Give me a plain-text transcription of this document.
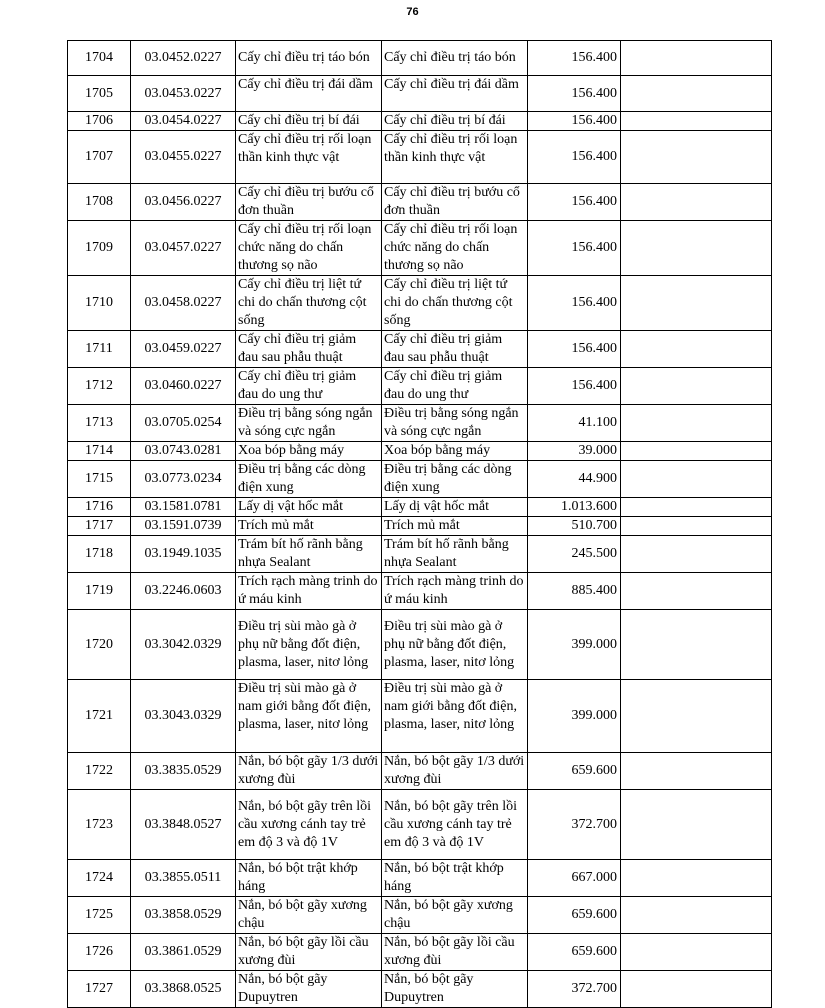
76
1704	03.0452.0227	Cấy chỉ điều trị táo bón	Cấy chỉ điều trị táo bón	156.400	
1705	03.0453.0227	Cấy chỉ điều trị đái dầm	Cấy chỉ điều trị đái dầm	156.400	
1706	03.0454.0227	Cấy chỉ điều trị bí đái	Cấy chỉ điều trị bí đái	156.400	
1707	03.0455.0227	Cấy chỉ điều trị rối loạn thần kinh thực vật	Cấy chỉ điều trị rối loạn thần kinh thực vật	156.400	
1708	03.0456.0227	Cấy chỉ điều trị bướu cổ đơn thuần	Cấy chỉ điều trị bướu cổ đơn thuần	156.400	
1709	03.0457.0227	Cấy chỉ điều trị rối loạn chức năng do chấn thương sọ não	Cấy chỉ điều trị rối loạn chức năng do chấn thương sọ não	156.400	
1710	03.0458.0227	Cấy chỉ điều trị liệt tứ chi do chấn thương cột sống	Cấy chỉ điều trị liệt tứ chi do chấn thương cột sống	156.400	
1711	03.0459.0227	Cấy chỉ điều trị giảm đau sau phẫu thuật	Cấy chỉ điều trị giảm đau sau phẫu thuật	156.400	
1712	03.0460.0227	Cấy chỉ điều trị giảm đau do ung thư	Cấy chỉ điều trị giảm đau do ung thư	156.400	
1713	03.0705.0254	Điều trị bằng sóng ngắn và sóng cực ngắn	Điều trị bằng sóng ngắn và sóng cực ngắn	41.100	
1714	03.0743.0281	Xoa bóp bằng máy	Xoa bóp bằng máy	39.000	
1715	03.0773.0234	Điều trị bằng các dòng điện xung	Điều trị bằng các dòng điện xung	44.900	
1716	03.1581.0781	Lấy dị vật hốc mắt	Lấy dị vật hốc mắt	1.013.600	
1717	03.1591.0739	Trích mủ mắt	Trích mủ mắt	510.700	
1718	03.1949.1035	Trám bít hố rãnh bằng nhựa Sealant	Trám bít hố rãnh bằng nhựa Sealant	245.500	
1719	03.2246.0603	Trích rạch màng trinh do ứ máu kinh	Trích rạch màng trinh do ứ máu kinh	885.400	
1720	03.3042.0329	Điều trị sùi mào gà ở phụ nữ bằng đốt điện, plasma, laser, nitơ lỏng	Điều trị sùi mào gà ở phụ nữ bằng đốt điện, plasma, laser, nitơ lỏng	399.000	
1721	03.3043.0329	Điều trị sùi mào gà ở nam giới bằng đốt điện, plasma, laser, nitơ lỏng	Điều trị sùi mào gà ở nam giới bằng đốt điện, plasma, laser, nitơ lỏng	399.000	
1722	03.3835.0529	Nắn, bó bột gãy 1/3 dưới xương đùi	Nắn, bó bột gãy 1/3 dưới xương đùi	659.600	
1723	03.3848.0527	Nắn, bó bột gãy trên lồi cầu xương cánh tay trẻ em độ 3 và độ 1V	Nắn, bó bột gãy trên lồi cầu xương cánh tay trẻ em độ 3 và độ 1V	372.700	
1724	03.3855.0511	Nắn, bó bột trật khớp háng	Nắn, bó bột trật khớp háng	667.000	
1725	03.3858.0529	Nắn, bó bột gãy xương chậu	Nắn, bó bột gãy xương chậu	659.600	
1726	03.3861.0529	Nắn, bó bột gãy lồi cầu xương đùi	Nắn, bó bột gãy lồi cầu xương đùi	659.600	
1727	03.3868.0525	Nắn, bó bột gãy Dupuytren	Nắn, bó bột gãy Dupuytren	372.700	
